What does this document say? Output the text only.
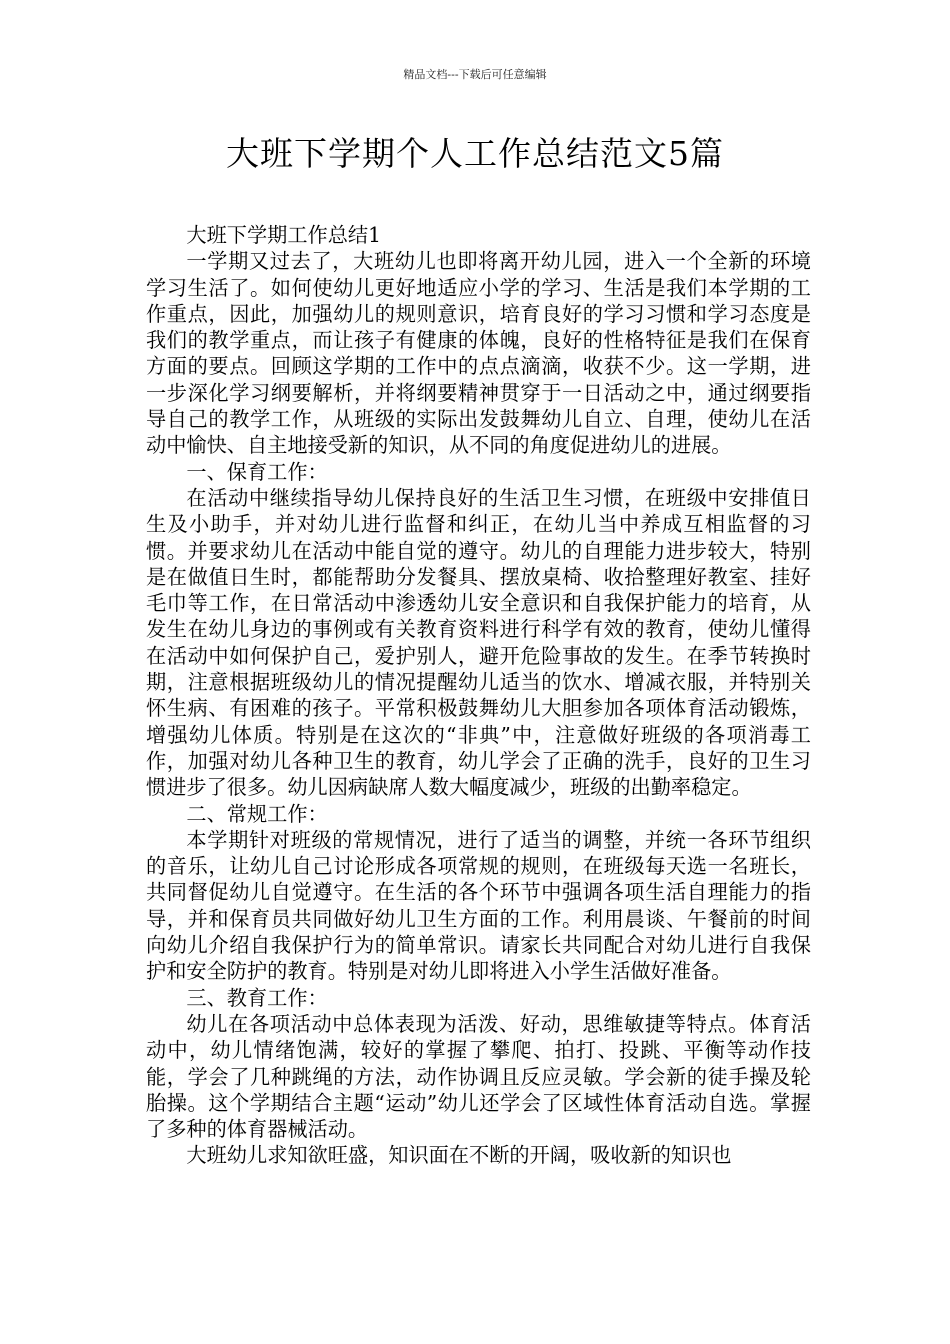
精品文档---下载后可任意编辑
大班下学期个人工作总结范文5篇

大班下学期工作总结1

一学期又过去了，大班幼儿也即将离开幼儿园，进入一个全新的环境学习生活了。如何使幼儿更好地适应小学的学习、生活是我们本学期的工作重点，因此，加强幼儿的规则意识，培育良好的学习习惯和学习态度是我们的教学重点，而让孩子有健康的体魄，良好的性格特征是我们在保育方面的要点。回顾这学期的工作中的点点滴滴，收获不少。这一学期，进一步深化学习纲要解析，并将纲要精神贯穿于一日活动之中，通过纲要指导自己的教学工作，从班级的实际出发鼓舞幼儿自立、自理，使幼儿在活动中愉快、自主地接受新的知识，从不同的角度促进幼儿的进展。

一、保育工作：

在活动中继续指导幼儿保持良好的生活卫生习惯，在班级中安排值日生及小助手，并对幼儿进行监督和纠正，在幼儿当中养成互相监督的习惯。并要求幼儿在活动中能自觉的遵守。幼儿的自理能力进步较大，特别是在做值日生时，都能帮助分发餐具、摆放桌椅、收拾整理好教室、挂好毛巾等工作，在日常活动中渗透幼儿安全意识和自我保护能力的培育，从发生在幼儿身边的事例或有关教育资料进行科学有效的教育，使幼儿懂得在活动中如何保护自己，爱护别人，避开危险事故的发生。在季节转换时期，注意根据班级幼儿的情况提醒幼儿适当的饮水、增减衣服，并特别关怀生病、有困难的孩子。平常积极鼓舞幼儿大胆参加各项体育活动锻炼，增强幼儿体质。特别是在这次的“非典”中，注意做好班级的各项消毒工作，加强对幼儿各种卫生的教育，幼儿学会了正确的洗手，良好的卫生习惯进步了很多。幼儿因病缺席人数大幅度减少，班级的出勤率稳定。

二、常规工作：

本学期针对班级的常规情况，进行了适当的调整，并统一各环节组织的音乐，让幼儿自己讨论形成各项常规的规则，在班级每天选一名班长，共同督促幼儿自觉遵守。在生活的各个环节中强调各项生活自理能力的指导，并和保育员共同做好幼儿卫生方面的工作。利用晨谈、午餐前的时间向幼儿介绍自我保护行为的简单常识。请家长共同配合对幼儿进行自我保护和安全防护的教育。特别是对幼儿即将进入小学生活做好准备。

三、教育工作：

幼儿在各项活动中总体表现为活泼、好动，思维敏捷等特点。体育活动中，幼儿情绪饱满，较好的掌握了攀爬、拍打、投跳、平衡等动作技能，学会了几种跳绳的方法，动作协调且反应灵敏。学会新的徒手操及轮胎操。这个学期结合主题“运动”幼儿还学会了区域性体育活动自选。掌握了多种的体育器械活动。

大班幼儿求知欲旺盛，知识面在不断的开阔，吸收新的知识也
